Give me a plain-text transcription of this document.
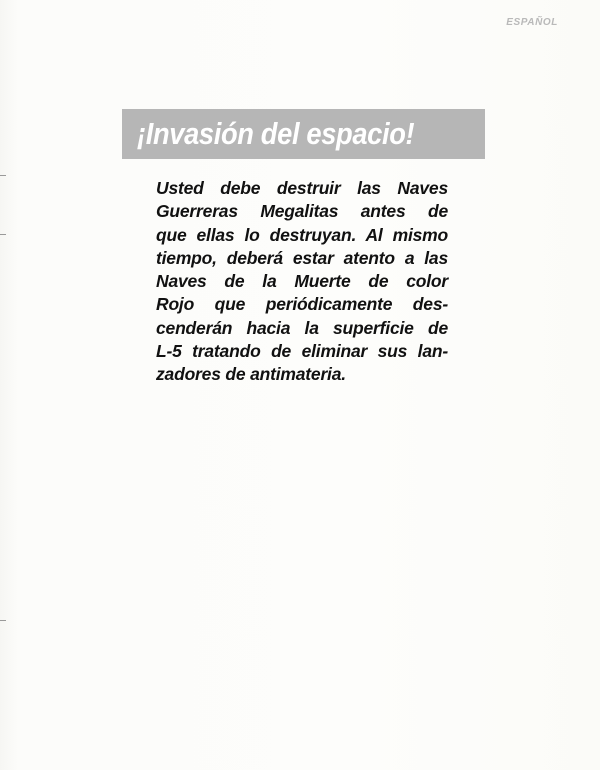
ESPAÑOL
¡Invasión del espacio!
Usted debe destruir las Naves
Guerreras Megalitas antes de
que ellas lo destruyan. Al mismo
tiempo, deberá estar atento a las
Naves de la Muerte de color
Rojo que periódicamente des-
cenderán hacia la superficie de
L-5 tratando de eliminar sus lan-
zadores de antimateria.
